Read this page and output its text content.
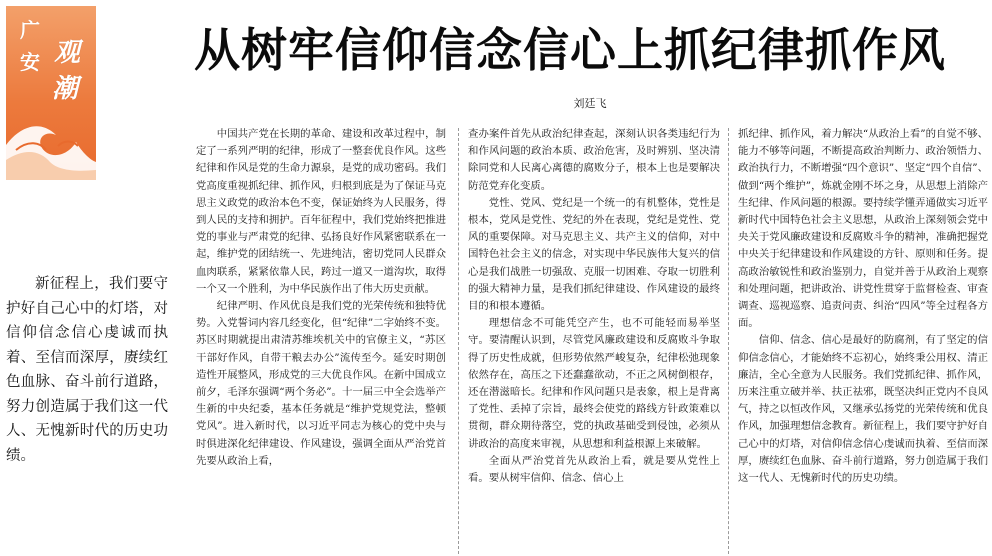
广
安 观
潮
从树牢信仰信念信心上抓纪律抓作风
刘廷飞

新征程上，我们要守护好自己心中的灯塔，对信仰信念信心虔诚而执着、至信而深厚，赓续红色血脉、奋斗前行道路，努力创造属于我们这一代人、无愧新时代的历史功绩。

中国共产党在长期的革命、建设和改革过程中，制定了一系列严明的纪律，形成了一整套优良作风。这些纪律和作风是党的生命力源泉，是党的成功密码。我们党高度重视抓纪律、抓作风，归根到底是为了保证马克思主义政党的政治本色不变，保证始终为人民服务，得到人民的支持和拥护。百年征程中，我们党始终把推进党的事业与严肃党的纪律、弘扬良好作风紧密联系在一起，维护党的团结统一、先进纯洁，密切党同人民群众血肉联系，紧紧依靠人民，跨过一道又一道沟坎，取得一个又一个胜利，为中华民族作出了伟大历史贡献。

纪律严明、作风优良是我们党的光荣传统和独特优势。入党誓词内容几经变化，但“纪律”二字始终不变。苏区时期就提出肃清苏维埃机关中的官僚主义，“苏区干部好作风，自带干粮去办公”流传至今。延安时期创造性开展整风，形成党的三大优良作风。在新中国成立前夕，毛泽东强调“两个务必”。十一届三中全会选举产生新的中央纪委，基本任务就是“维护党规党法，整顿党风”。进入新时代，以习近平同志为核心的党中央与时俱进深化纪律建设、作风建设，强调全面从严治党首先要从政治上看，

查办案件首先从政治纪律查起，深刻认识各类违纪行为和作风问题的政治本质、政治危害，及时辨别、坚决清除同党和人民离心离德的腐败分子，根本上也是要解决防范党弃化变质。

党性、党风、党纪是一个统一的有机整体，党性是根本，党风是党性、党纪的外在表现，党纪是党性、党风的重要保障。对马克思主义、共产主义的信仰，对中国特色社会主义的信念，对实现中华民族伟大复兴的信心是我们战胜一切强敌、克服一切困难、夺取一切胜利的强大精神力量，是我们抓纪律建设、作风建设的最终目的和根本遵循。

理想信念不可能凭空产生，也不可能轻而易举坚守。要清醒认识到，尽管党风廉政建设和反腐败斗争取得了历史性成就，但形势依然严峻复杂，纪律松弛现象依然存在，高压之下还蠢蠢欲动，不正之风树倒根存，还在潜滋暗长。纪律和作风问题只是表象，根上是背离了党性、丢掉了宗旨，最终会使党的路线方针政策难以贯彻，群众期待落空，党的执政基础受到侵蚀，必须从讲政治的高度来审视，从思想和利益根源上来破解。

全面从严治党首先从政治上看，就是要从党性上看。要从树牢信仰、信念、信心上

抓纪律、抓作风，着力解决“从政治上看”的自觉不够、能力不够等问题，不断提高政治判断力、政治领悟力、政治执行力，不断增强“四个意识”、坚定“四个自信”、做到“两个维护”，炼就金刚不坏之身，从思想上消除产生纪律、作风问题的根源。要持续学懂弄通做实习近平新时代中国特色社会主义思想，从政治上深刻领会党中央关于党风廉政建设和反腐败斗争的精神，准确把握党中央关于纪律建设和作风建设的方针、原则和任务。提高政治敏锐性和政治鉴别力，自觉并善于从政治上观察和处理问题，把讲政治、讲党性贯穿于监督检查、审查调查、巡视巡察、追责问责、纠治“四风”等全过程各方面。

信仰、信念、信心是最好的防腐剂，有了坚定的信仰信念信心，才能始终不忘初心，始终秉公用权、清正廉洁，全心全意为人民服务。我们党抓纪律、抓作风，历来注重立破并举、扶正祛邪，既坚决纠正党内不良风气，持之以恒改作风，又继承弘扬党的光荣传统和优良作风，加强理想信念教育。新征程上，我们要守护好自己心中的灯塔，对信仰信念信心虔诚而执着、至信而深厚，赓续红色血脉、奋斗前行道路，努力创造属于我们这一代人、无愧新时代的历史功绩。
